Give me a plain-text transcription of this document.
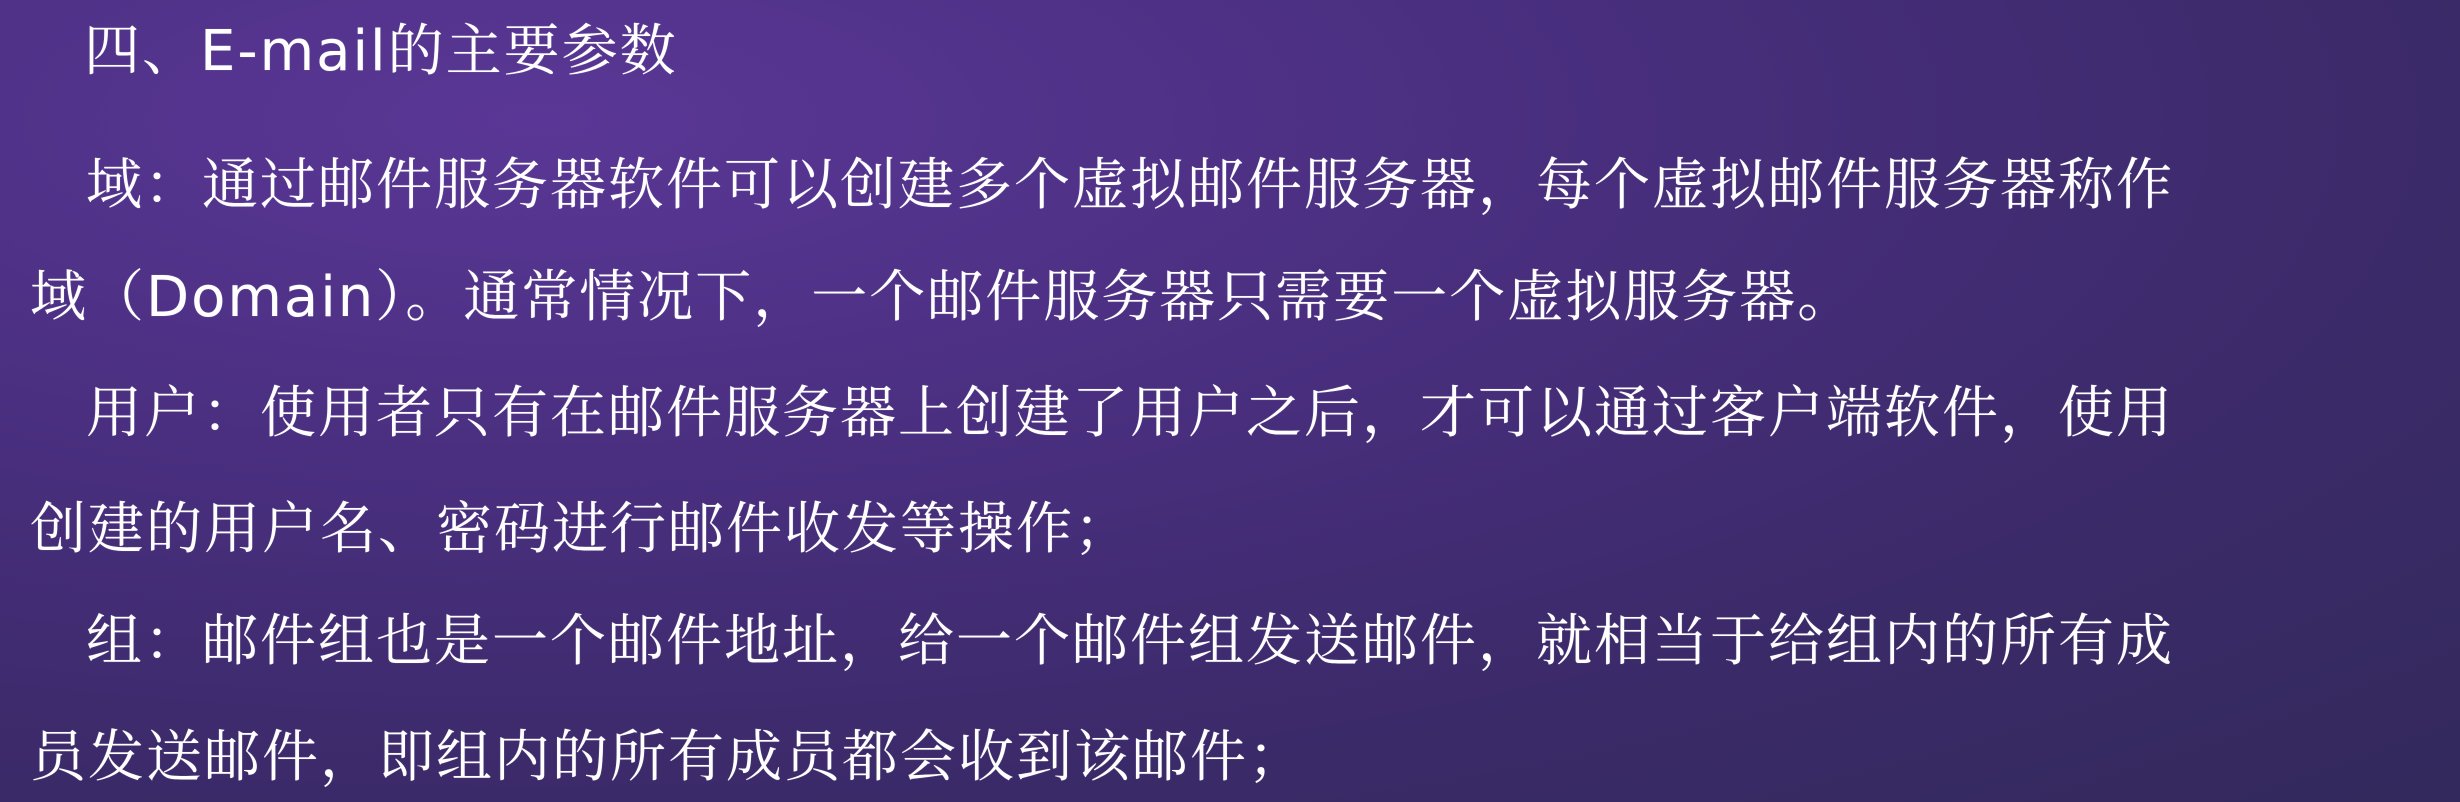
四、E-mail的主要参数
域：通过邮件服务器软件可以创建多个虚拟邮件服务器，每个虚拟邮件服务器称作
域（Domain）。通常情况下，一个邮件服务器只需要一个虚拟服务器。
用户：使用者只有在邮件服务器上创建了用户之后，才可以通过客户端软件，使用
创建的用户名、密码进行邮件收发等操作；
组：邮件组也是一个邮件地址，给一个邮件组发送邮件，就相当于给组内的所有成
员发送邮件，即组内的所有成员都会收到该邮件；
